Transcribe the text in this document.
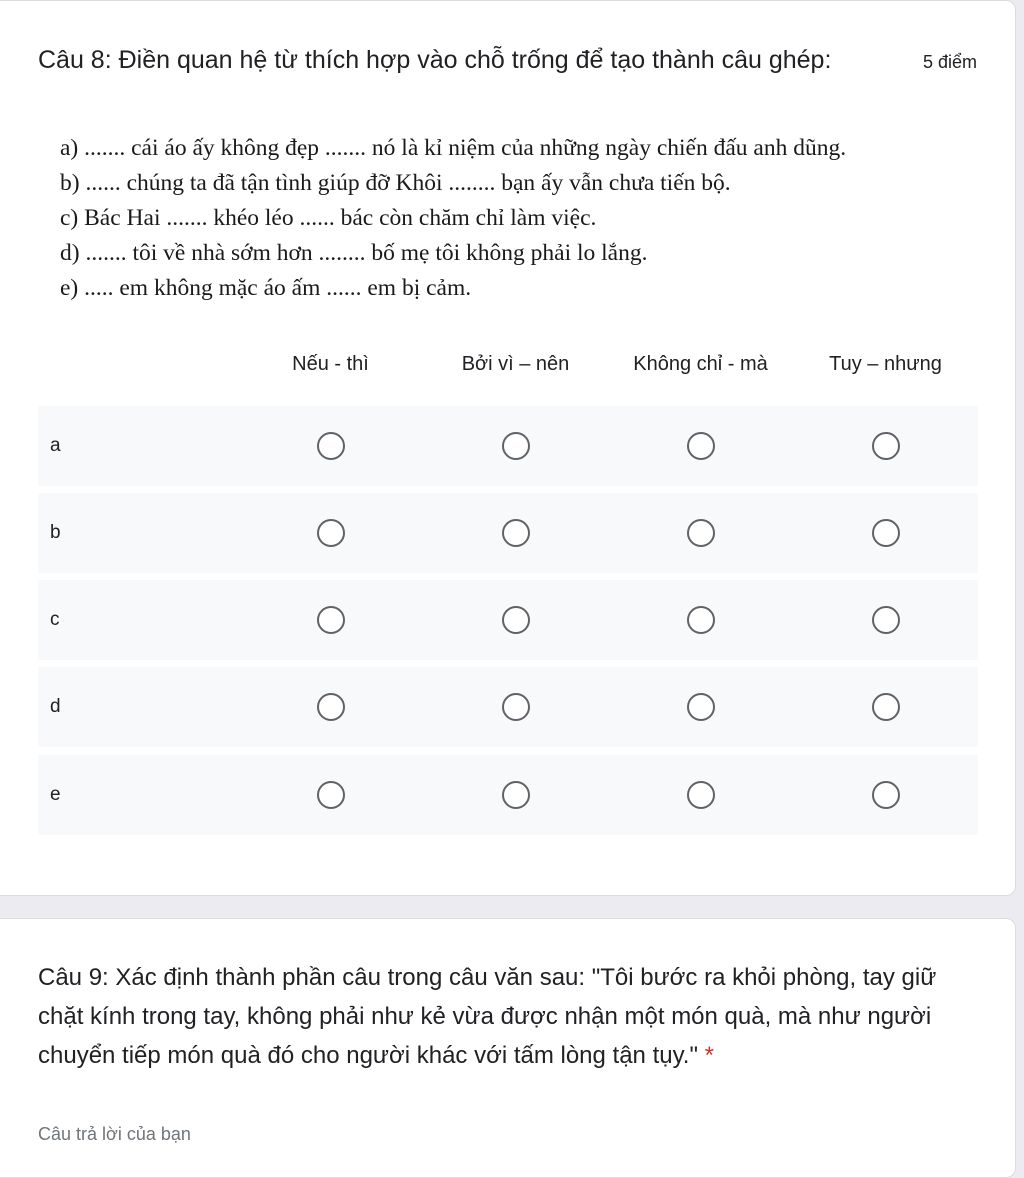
Câu 8: Điền quan hệ từ thích hợp vào chỗ trống để tạo thành câu ghép:	5 điểm
a) ....... cái áo ấy không đẹp ....... nó là kỉ niệm của những ngày chiến đấu anh dũng.
b) ...... chúng ta đã tận tình giúp đỡ Khôi ........ bạn ấy vẫn chưa tiến bộ.
c) Bác Hai ....... khéo léo ...... bác còn chăm chỉ làm việc.
d) ....... tôi về nhà sớm hơn ........ bố mẹ tôi không phải lo lắng.
e) ..... em không mặc áo ấm ...... em bị cảm.
Nếu - thì	Bởi vì – nên	Không chỉ - mà	Tuy – nhưng
a
b
c
d
e
Câu 9: Xác định thành phần câu trong câu văn sau: "Tôi bước ra khỏi phòng, tay giữ chặt kính trong tay, không phải như kẻ vừa được nhận một món quà, mà như người chuyển tiếp món quà đó cho người khác với tấm lòng tận tụy." *
Câu trả lời của bạn
